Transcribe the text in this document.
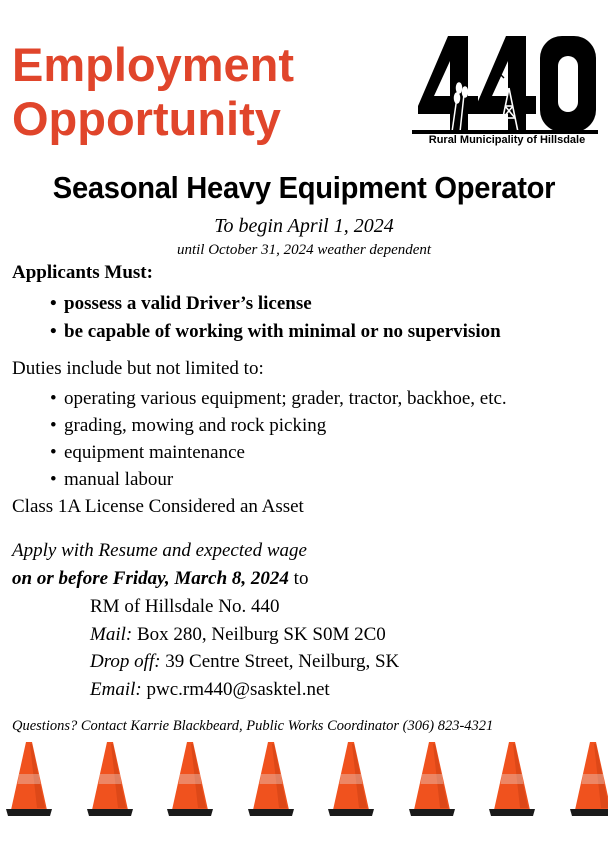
Employment
Opportunity	Rural Municipality of Hillsdale
Seasonal Heavy Equipment Operator
To begin April 1, 2024
until October 31, 2024 weather dependent
Applicants Must:
• possess a valid Driver’s license
• be capable of working with minimal or no supervision
Duties include but not limited to:
• operating various equipment; grader, tractor, backhoe, etc.
• grading, mowing and rock picking
• equipment maintenance
• manual labour
Class 1A License Considered an Asset
Apply with Resume and expected wage
on or before Friday, March 8, 2024 to
RM of Hillsdale No. 440
Mail: Box 280, Neilburg SK S0M 2C0
Drop off: 39 Centre Street, Neilburg, SK
Email: pwc.rm440@sasktel.net
Questions? Contact Karrie Blackbeard, Public Works Coordinator (306) 823-4321
